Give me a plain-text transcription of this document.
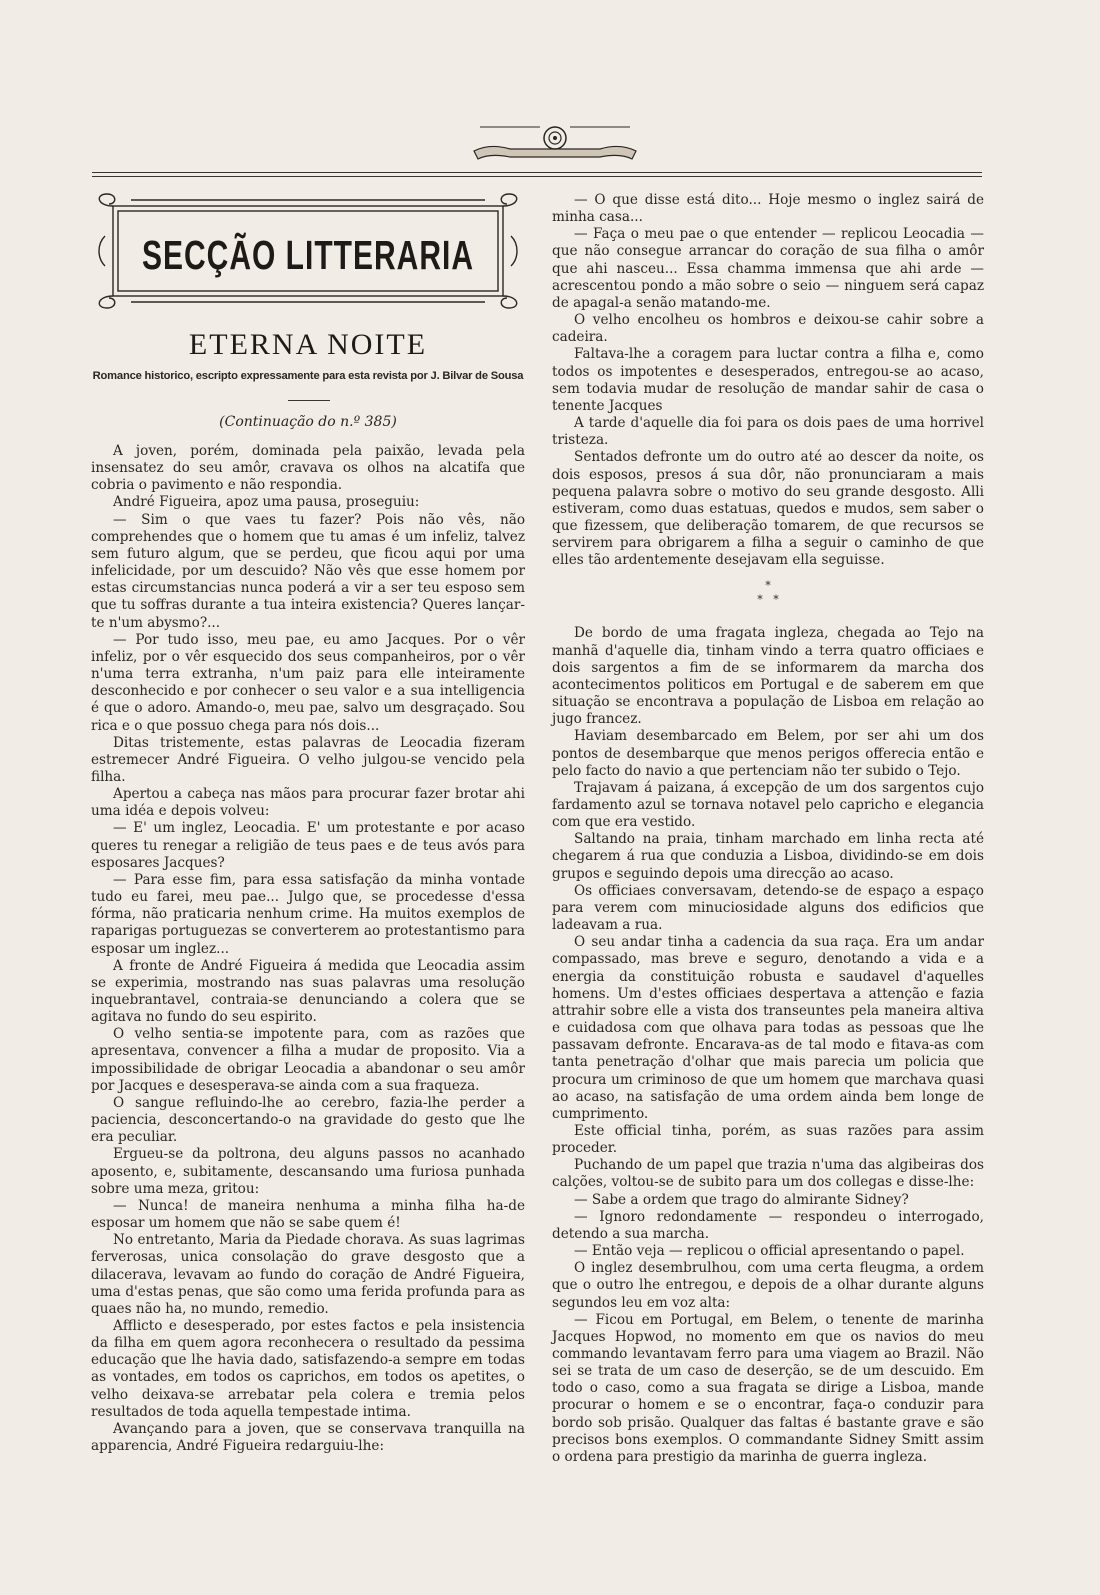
SECÇÃO LITTERARIA
ETERNA NOITE
Romance historico, escripto expressamente para esta revista por J. Bilvar de Sousa
(Continuação do n.º 385)

A joven, porém, dominada pela paixão, levada pela insensatez do seu amôr, cravava os olhos na alcatifa que cobria o pavimento e não respondia.

André Figueira, apoz uma pausa, proseguiu:

— Sim o que vaes tu fazer? Pois não vês, não comprehendes que o homem que tu amas é um infeliz, talvez sem futuro algum, que se perdeu, que ficou aqui por uma infelicidade, por um descuido? Não vês que esse homem por estas circumstancias nunca poderá a vir a ser teu esposo sem que tu soffras durante a tua inteira existencia? Queres lançar-te n'um abysmo?...

— Por tudo isso, meu pae, eu amo Jacques. Por o vêr infeliz, por o vêr esquecido dos seus companheiros, por o vêr n'uma terra extranha, n'um paiz para elle inteiramente desconhecido e por conhecer o seu valor e a sua intelligencia é que o adoro. Amando-o, meu pae, salvo um desgraçado. Sou rica e o que possuo chega para nós dois...

Ditas tristemente, estas palavras de Leocadia fizeram estremecer André Figueira. O velho julgou-se vencido pela filha.

Apertou a cabeça nas mãos para procurar fazer brotar ahi uma idéa e depois volveu:

— E' um inglez, Leocadia. E' um protestante e por acaso queres tu renegar a religião de teus paes e de teus avós para esposares Jacques?

— Para esse fim, para essa satisfação da minha vontade tudo eu farei, meu pae... Julgo que, se procedesse d'essa fórma, não praticaria nenhum crime. Ha muitos exemplos de raparigas portuguezas se converterem ao protestantismo para esposar um inglez...

A fronte de André Figueira á medida que Leocadia assim se experimia, mostrando nas suas palavras uma resolução inquebrantavel, contraia-se denunciando a colera que se agitava no fundo do seu espirito.

O velho sentia-se impotente para, com as razões que apresentava, convencer a filha a mudar de proposito. Via a impossibilidade de obrigar Leocadia a abandonar o seu amôr por Jacques e desesperava-se ainda com a sua fraqueza.

O sangue refluindo-lhe ao cerebro, fazia-lhe perder a paciencia, desconcertando-o na gravidade do gesto que lhe era peculiar.

Ergueu-se da poltrona, deu alguns passos no acanhado aposento, e, subitamente, descansando uma furiosa punhada sobre uma meza, gritou:

— Nunca! de maneira nenhuma a minha filha ha-de esposar um homem que não se sabe quem é!

No entretanto, Maria da Piedade chorava. As suas lagrimas ferverosas, unica consolação do grave desgosto que a dilacerava, levavam ao fundo do coração de André Figueira, uma d'estas penas, que são como uma ferida profunda para as quaes não ha, no mundo, remedio.

Afflicto e desesperado, por estes factos e pela insistencia da filha em quem agora reconhecera o resultado da pessima educação que lhe havia dado, satisfazendo-a sempre em todas as vontades, em todos os caprichos, em todos os apetites, o velho deixava-se arrebatar pela colera e tremia pelos resultados de toda aquella tempestade intima.

Avançando para a joven, que se conservava tranquilla na apparencia, André Figueira redarguiu-lhe:

— O que disse está dito... Hoje mesmo o inglez sairá de minha casa...

— Faça o meu pae o que entender — replicou Leocadia — que não consegue arrancar do coração de sua filha o amôr que ahi nasceu... Essa chamma immensa que ahi arde — acrescentou pondo a mão sobre o seio — ninguem será capaz de apagal-a senão matando-me.

O velho encolheu os hombros e deixou-se cahir sobre a cadeira.

Faltava-lhe a coragem para luctar contra a filha e, como todos os impotentes e desesperados, entregou-se ao acaso, sem todavia mudar de resolução de mandar sahir de casa o tenente Jacques

A tarde d'aquelle dia foi para os dois paes de uma horrivel tristeza.

Sentados defronte um do outro até ao descer da noite, os dois esposos, presos á sua dôr, não pronunciaram a mais pequena palavra sobre o motivo do seu grande desgosto. Alli estiveram, como duas estatuas, quedos e mudos, sem saber o que fizessem, que deliberação tomarem, de que recursos se servirem para obrigarem a filha a seguir o caminho de que elles tão ardentemente desejavam ella seguisse.

*
*   *

De bordo de uma fragata ingleza, chegada ao Tejo na manhã d'aquelle dia, tinham vindo a terra quatro officiaes e dois sargentos a fim de se informarem da marcha dos acontecimentos politicos em Portugal e de saberem em que situação se encontrava a população de Lisboa em relação ao jugo francez.

Haviam desembarcado em Belem, por ser ahi um dos pontos de desembarque que menos perigos offerecia então e pelo facto do navio a que pertenciam não ter subido o Tejo.

Trajavam á paizana, á excepção de um dos sargentos cujo fardamento azul se tornava notavel pelo capricho e elegancia com que era vestido.

Saltando na praia, tinham marchado em linha recta até chegarem á rua que conduzia a Lisboa, dividindo-se em dois grupos e seguindo depois uma direcção ao acaso.

Os officiaes conversavam, detendo-se de espaço a espaço para verem com minuciosidade alguns dos edificios que ladeavam a rua.

O seu andar tinha a cadencia da sua raça. Era um andar compassado, mas breve e seguro, denotando a vida e a energia da constituição robusta e saudavel d'aquelles homens. Um d'estes officiaes despertava a attenção e fazia attrahir sobre elle a vista dos transeuntes pela maneira altiva e cuidadosa com que olhava para todas as pessoas que lhe passavam defronte. Encarava-as de tal modo e fitava-as com tanta penetração d'olhar que mais parecia um policia que procura um criminoso de que um homem que marchava quasi ao acaso, na satisfação de uma ordem ainda bem longe de cumprimento.

Este official tinha, porém, as suas razões para assim proceder.

Puchando de um papel que trazia n'uma das algibeiras dos calções, voltou-se de subito para um dos collegas e disse-lhe:

— Sabe a ordem que trago do almirante Sidney?

— Ignoro redondamente — respondeu o interrogado, detendo a sua marcha.

— Então veja — replicou o official apresentando o papel.

O inglez desembrulhou, com uma certa fleugma, a ordem que o outro lhe entregou, e depois de a olhar durante alguns segundos leu em voz alta:

— Ficou em Portugal, em Belem, o tenente de marinha Jacques Hopwod, no momento em que os navios do meu commando levantavam ferro para uma viagem ao Brazil. Não sei se trata de um caso de deserção, se de um descuido. Em todo o caso, como a sua fragata se dirige a Lisboa, mande procurar o homem e se o encontrar, faça-o conduzir para bordo sob prisão. Qualquer das faltas é bastante grave e são precisos bons exemplos. O commandante Sidney Smitt assim o ordena para prestigio da marinha de guerra ingleza.
